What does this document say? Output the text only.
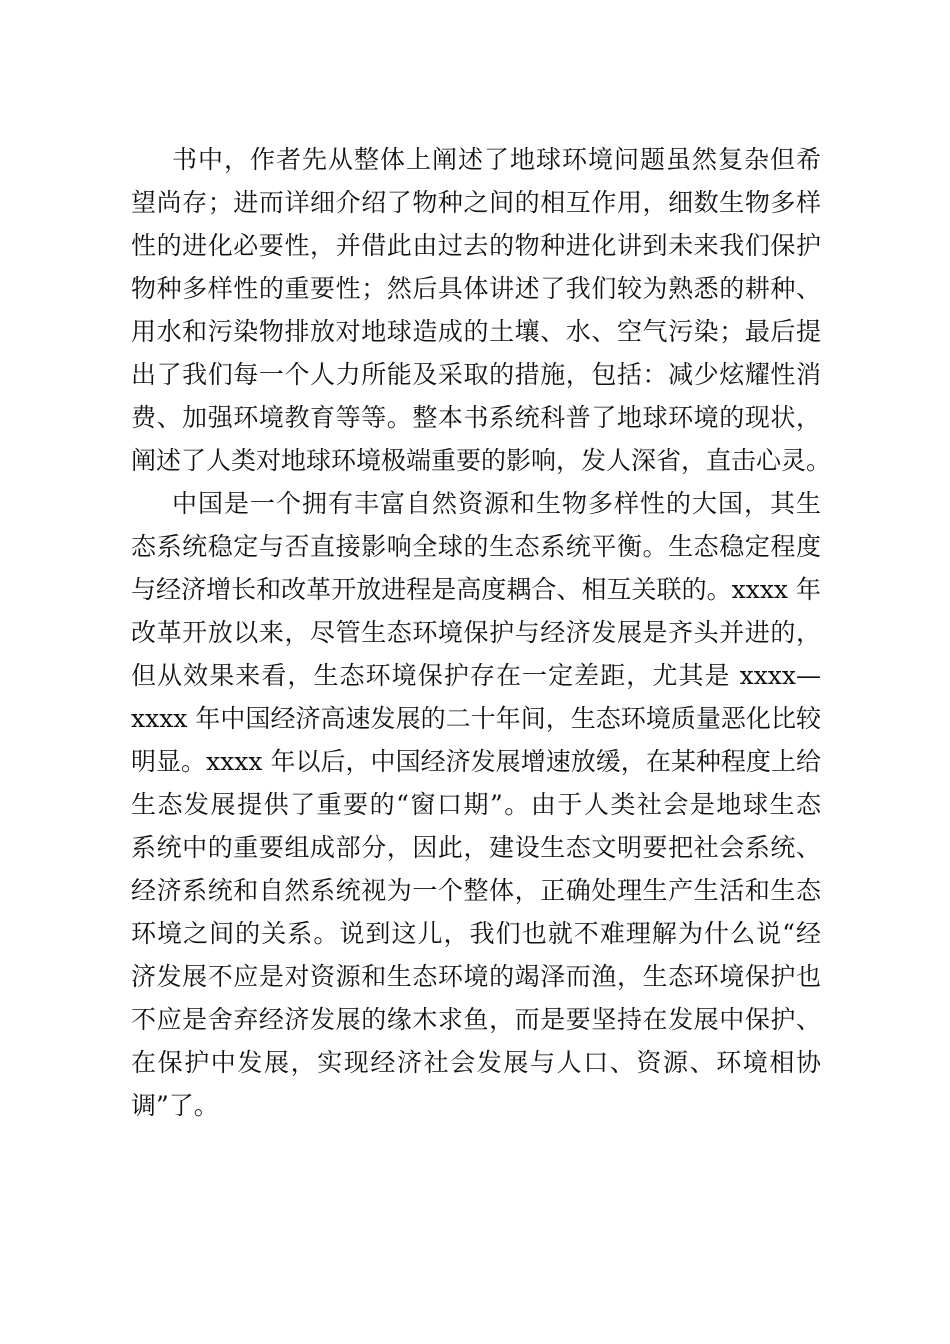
书中，作者先从整体上阐述了地球环境问题虽然复杂但希
望尚存；进而详细介绍了物种之间的相互作用，细数生物多样
性的进化必要性，并借此由过去的物种进化讲到未来我们保护
物种多样性的重要性；然后具体讲述了我们较为熟悉的耕种、
用水和污染物排放对地球造成的土壤、水、空气污染；最后提
出了我们每一个人力所能及采取的措施，包括：减少炫耀性消
费、加强环境教育等等。整本书系统科普了地球环境的现状，
阐述了人类对地球环境极端重要的影响，发人深省，直击心灵。
中国是一个拥有丰富自然资源和生物多样性的大国，其生
态系统稳定与否直接影响全球的生态系统平衡。生态稳定程度
与经济增长和改革开放进程是高度耦合、相互关联的。xxxx 年
改革开放以来，尽管生态环境保护与经济发展是齐头并进的，
但从效果来看，生态环境保护存在一定差距，尤其是 xxxx—
xxxx 年中国经济高速发展的二十年间，生态环境质量恶化比较
明显。xxxx 年以后，中国经济发展增速放缓，在某种程度上给
生态发展提供了重要的“窗口期”。由于人类社会是地球生态
系统中的重要组成部分，因此，建设生态文明要把社会系统、
经济系统和自然系统视为一个整体，正确处理生产生活和生态
环境之间的关系。说到这儿，我们也就不难理解为什么说“经
济发展不应是对资源和生态环境的竭泽而渔，生态环境保护也
不应是舍弃经济发展的缘木求鱼，而是要坚持在发展中保护、
在保护中发展，实现经济社会发展与人口、资源、环境相协
调”了。
